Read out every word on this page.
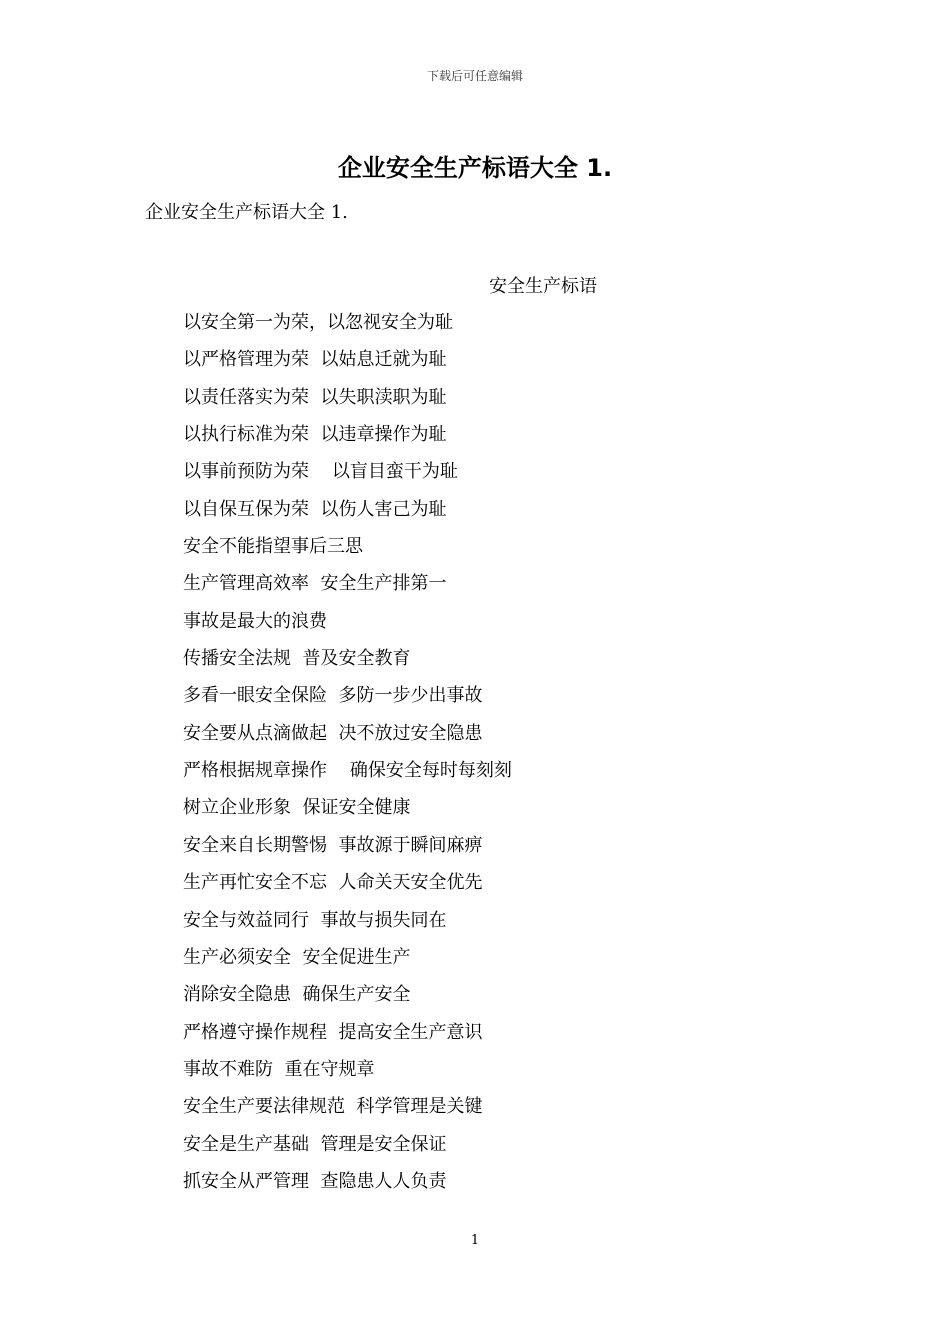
下载后可任意编辑
企业安全生产标语大全 1.

企业安全生产标语大全 1.

安全生产标语

以安全第一为荣，以忽视安全为耻
以严格管理为荣  以姑息迁就为耻
以责任落实为荣  以失职渎职为耻
以执行标准为荣  以违章操作为耻
以事前预防为荣    以盲目蛮干为耻
以自保互保为荣  以伤人害己为耻
安全不能指望事后三思
生产管理高效率  安全生产排第一
事故是最大的浪费
传播安全法规  普及安全教育
多看一眼安全保险  多防一步少出事故
安全要从点滴做起  决不放过安全隐患
严格根据规章操作    确保安全每时每刻刻
树立企业形象  保证安全健康
安全来自长期警惕  事故源于瞬间麻痹
生产再忙安全不忘  人命关天安全优先
安全与效益同行  事故与损失同在
生产必须安全  安全促进生产
消除安全隐患  确保生产安全
严格遵守操作规程  提高安全生产意识
事故不难防  重在守规章
安全生产要法律规范  科学管理是关键
安全是生产基础  管理是安全保证
抓安全从严管理  查隐患人人负责
1
